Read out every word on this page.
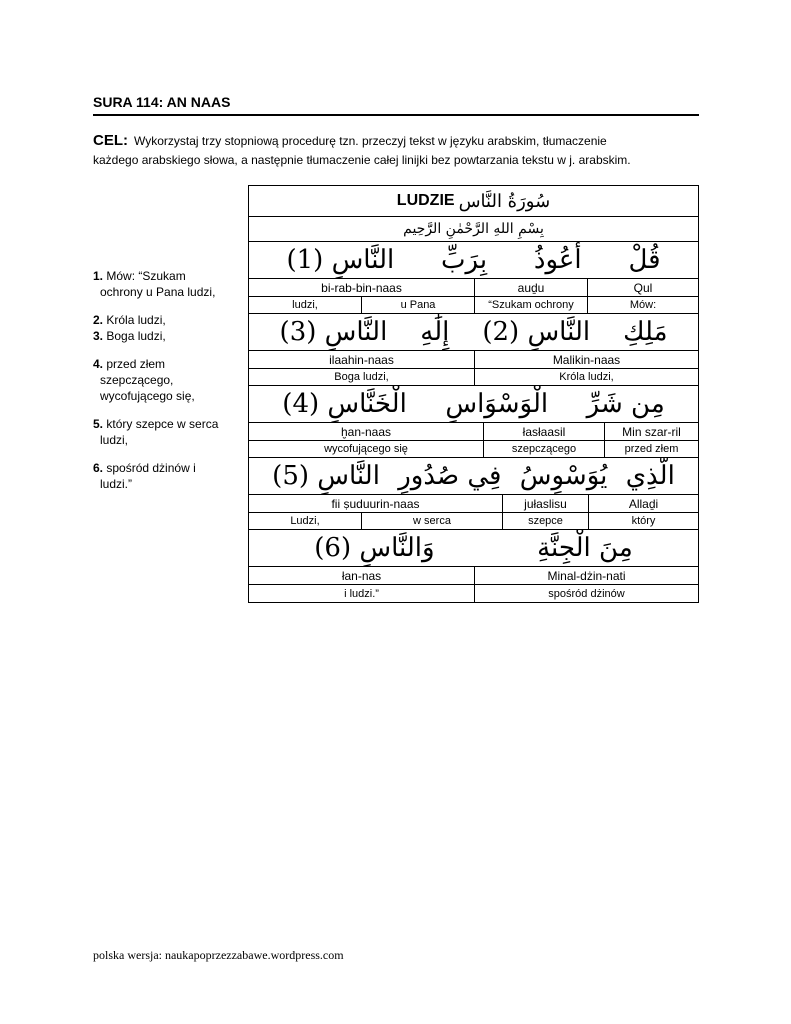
SURA 114: AN NAAS
CEL: Wykorzystaj trzy stopniową procedurę tzn. przeczyj tekst w języku arabskim, tłumaczenie
każdego arabskiego słowa, a następnie tłumaczenie całej linijki bez powtarzania tekstu w j. arabskim.
1. Mów: “Szukam
ochrony u Pana ludzi,
2. Króla ludzi,
3. Boga ludzi,
4. przed złem
szepczącego,
wycofującego się,
5. który szepce w serca
ludzi,
6. spośród dżinów i
ludzi.”
LUDZIE سُورَةُ النَّاس
بِسْمِ اللهِ الرَّحْمٰنِ الرَّحِيم
قُلْ
أَعُوذُ
بِرَبِّ
النَّاسِ (1)
bi-rab-bin-naas	auḏu	Qul
ludzi,	u Pana	“Szukam ochrony	Mów:
مَلِكِ
النَّاسِ (2)
إِلَٰهِ
النَّاسِ (3)
ilaahin-naas	Malikin-naas
Boga ludzi,	Króla ludzi,
مِن شَرِّ
الْوَسْوَاسِ
الْخَنَّاسِ (4)
ḫan-naas	łasłaasil	Min szar-ril
wycofującego się	szepczącego	przed złem
الَّذِي
يُوَسْوِسُ
فِي صُدُورِ
النَّاسِ (5)
fii ṣuduurin-naas	jułaslisu	Allaḏi
Ludzi,	w serca	szepce	który
مِنَ الْجِنَّةِ
وَالنَّاسِ (6)
łan-nas	Minal-dżin-nati
i ludzi.”	spośród dżinów
polska wersja: naukapoprzezzabawe.wordpress.com
